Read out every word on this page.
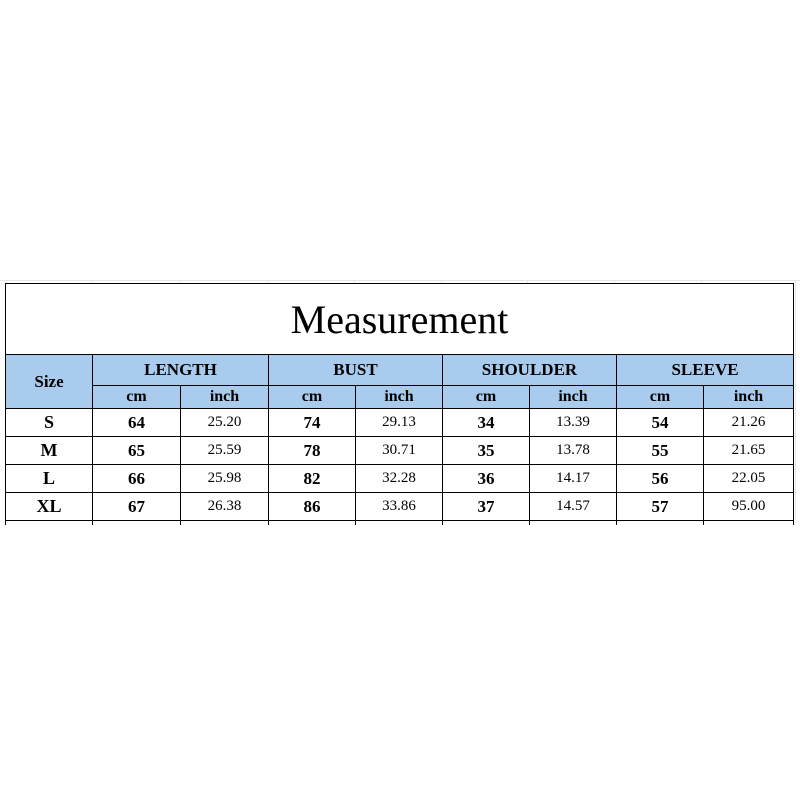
Measurement								
Size	LENGTH		BUST		SHOULDER		SLEEVE	
	cm	inch	cm	inch	cm	inch	cm	inch
S	64	25.20	74	29.13	34	13.39	54	21.26
M	65	25.59	78	30.71	35	13.78	55	21.65
L	66	25.98	82	32.28	36	14.17	56	22.05
XL	67	26.38	86	33.86	37	14.57	57	95.00
